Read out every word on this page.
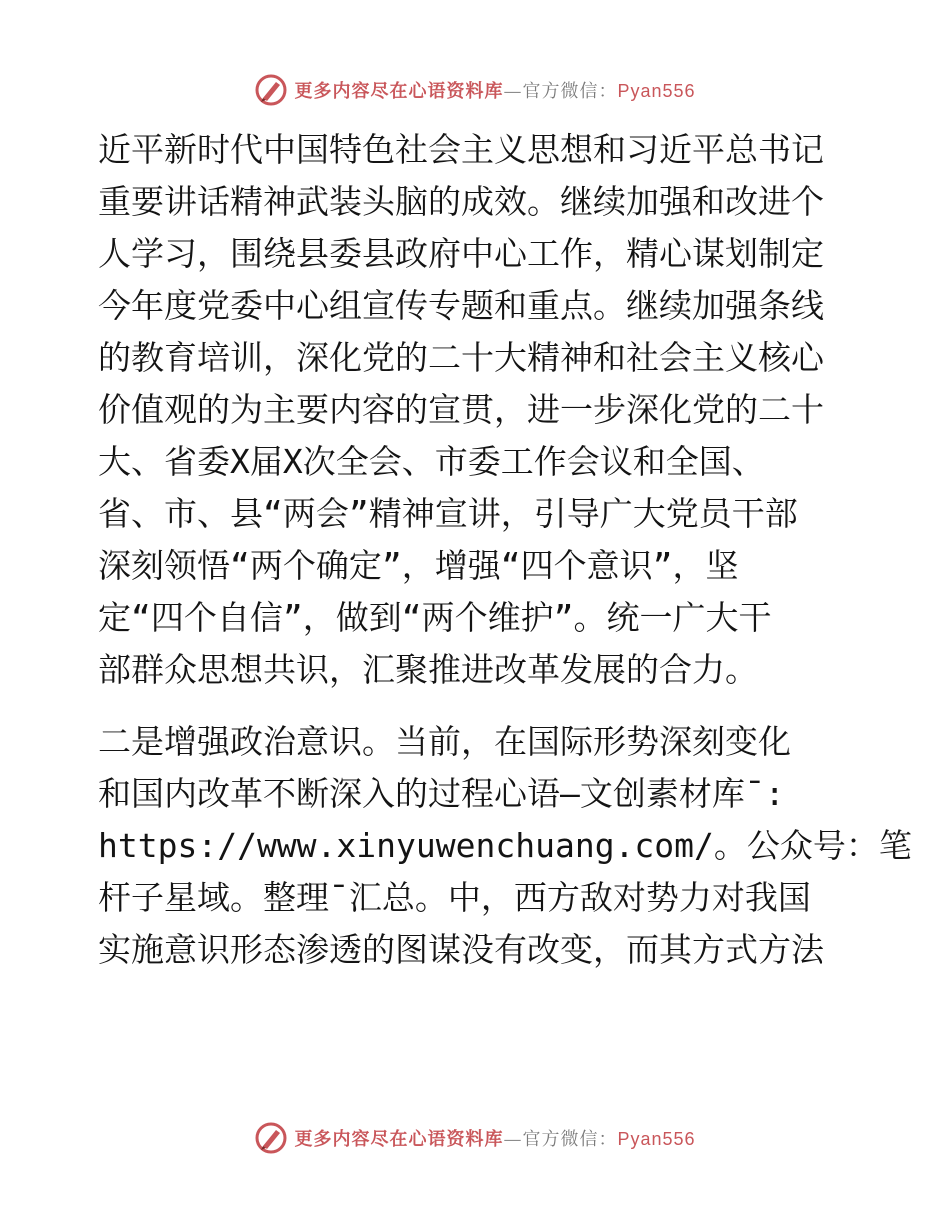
更多内容尽在心语资料库—官方微信：Pyan556
近平新时代中国特色社会主义思想和习近平总书记
重要讲话精神武装头脑的成效。继续加强和改进个
人学习，围绕县委县政府中心工作，精心谋划制定
今年度党委中心组宣传专题和重点。继续加强条线
的教育培训，深化党的二十大精神和社会主义核心
价值观的为主要内容的宣贯，进一步深化党的二十
大、省委X届X次全会、市委工作会议和全国、
省、市、县“两会”精神宣讲，引导广大党员干部
深刻领悟“两个确定”，增强“四个意识”，坚
定“四个自信”，做到“两个维护”。统一广大干
部群众思想共识，汇聚推进改革发展的合力。
二是增强政治意识。当前，在国际形势深刻变化
和国内改革不断深入的过程心语—文创素材库¯:
https://www.xinyuwenchuang.com/。公众号：笔
杆子星域。整理¯汇总。中，西方敌对势力对我国
实施意识形态渗透的图谋没有改变，而其方式方法
更多内容尽在心语资料库—官方微信：Pyan556
